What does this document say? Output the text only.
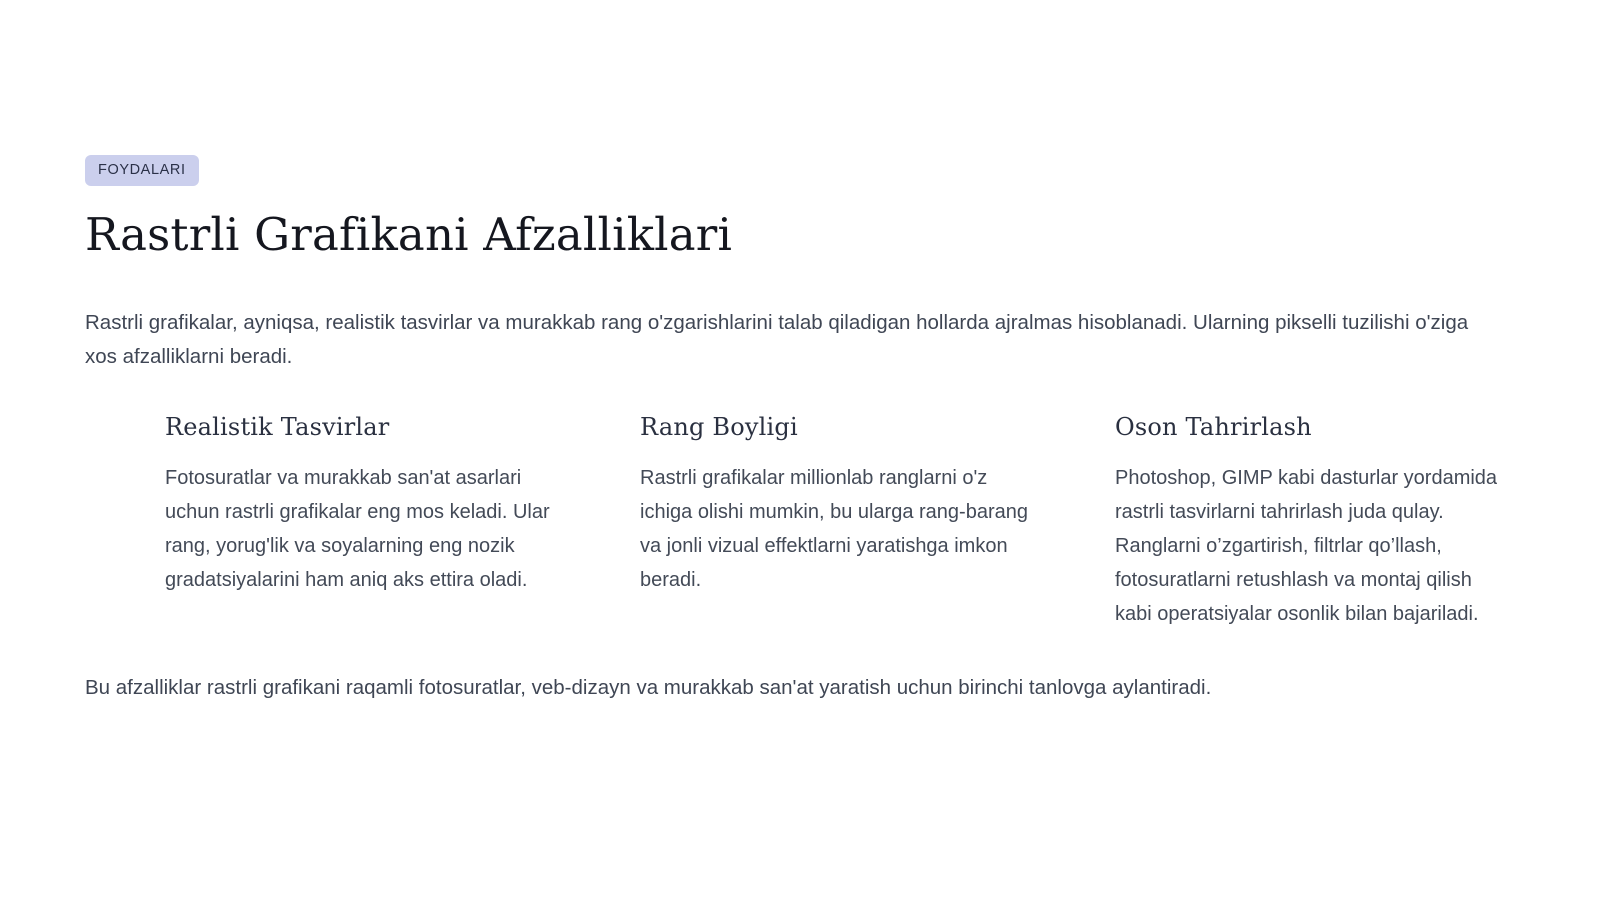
FOYDALARI
Rastrli Grafikani Afzalliklari

Rastrli grafikalar, ayniqsa, realistik tasvirlar va murakkab rang o'zgarishlarini talab qiladigan hollarda ajralmas hisoblanadi. Ularning pikselli tuzilishi o'ziga xos afzalliklarni beradi.

Realistik Tasvirlar

Fotosuratlar va murakkab san'at asarlari uchun rastrli grafikalar eng mos keladi. Ular rang, yorug'lik va soyalarning eng nozik gradatsiyalarini ham aniq aks ettira oladi.

Rang Boyligi

Rastrli grafikalar millionlab ranglarni o'z ichiga olishi mumkin, bu ularga rang-barang va jonli vizual effektlarni yaratishga imkon beradi.

Oson Tahrirlash

Photoshop, GIMP kabi dasturlar yordamida rastrli tasvirlarni tahrirlash juda qulay. Ranglarni o’zgartirish, filtrlar qo’llash, fotosuratlarni retushlash va montaj qilish kabi operatsiyalar osonlik bilan bajariladi.

Bu afzalliklar rastrli grafikani raqamli fotosuratlar, veb-dizayn va murakkab san'at yaratish uchun birinchi tanlovga aylantiradi.
